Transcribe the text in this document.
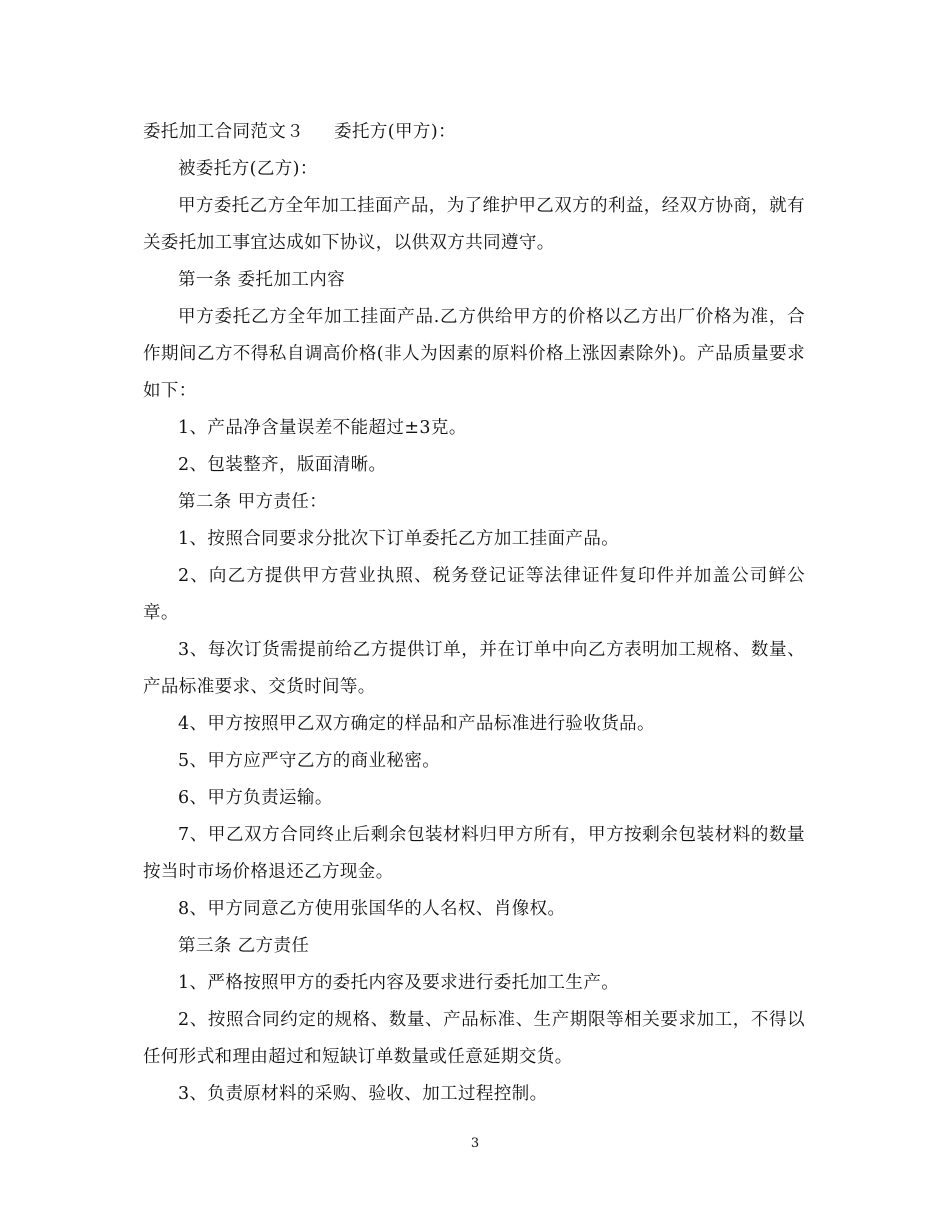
委托加工合同范文３ 委托方(甲方)：

被委托方(乙方)：

甲方委托乙方全年加工挂面产品，为了维护甲乙双方的利益，经双方协商，就有关委托加工事宜达成如下协议，以供双方共同遵守。

第一条 委托加工内容

甲方委托乙方全年加工挂面产品.乙方供给甲方的价格以乙方出厂价格为准，合作期间乙方不得私自调高价格(非人为因素的原料价格上涨因素除外)。产品质量要求如下：

1、产品净含量误差不能超过±3克。

2、包装整齐，版面清晰。

第二条 甲方责任：

1、按照合同要求分批次下订单委托乙方加工挂面产品。

2、向乙方提供甲方营业执照、税务登记证等法律证件复印件并加盖公司鲜公章。

3、每次订货需提前给乙方提供订单，并在订单中向乙方表明加工规格、数量、产品标准要求、交货时间等。

4、甲方按照甲乙双方确定的样品和产品标准进行验收货品。

5、甲方应严守乙方的商业秘密。

6、甲方负责运输。

7、甲乙双方合同终止后剩余包装材料归甲方所有，甲方按剩余包装材料的数量按当时市场价格退还乙方现金。

8、甲方同意乙方使用张国华的人名权、肖像权。

第三条 乙方责任

1、严格按照甲方的委托内容及要求进行委托加工生产。

2、按照合同约定的规格、数量、产品标准、生产期限等相关要求加工，不得以任何形式和理由超过和短缺订单数量或任意延期交货。

3、负责原材料的采购、验收、加工过程控制。

3
